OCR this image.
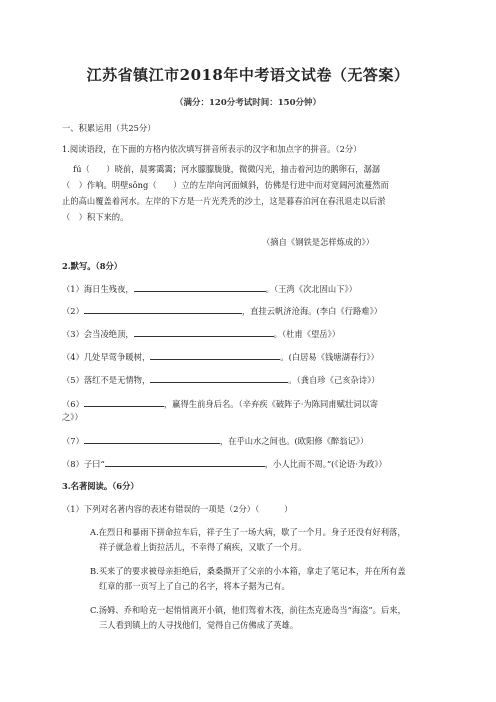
江苏省镇江市2018年中考语文试卷（无答案）
（满分：120分考试时间：150分钟）
一、积累运用（共25分）
1.阅读语段，在下面的方格内依次填写拼音所表示的汉字和加点字的拼音。（2分）
fú（　　）晓前，晨雾霭霭；河水朦朦胧胧，微微闪光，抽击着河边的鹅卵石，潺潺
（　）作响。明壁sōng（　　）立的左岸向河面倾斜，仿佛是行进中而对宽阔河流蔓然而
止的高山覆盖着河水。左岸的下方是一片光秃秃的沙土，这是暮春泊河在春汛退走以后淤
（　）积下来的。
（摘自《钢铁是怎样炼成的》）
2.默写。（8分）
（1）海日生残夜，	。（王湾《次北固山下》）
（2）	，直挂云帆济沧海。(李白《行路难》）
（3）会当凌绝顶，	。（杜甫《望岳》）
（4）几处早莺争暖树，	。(白居易《钱塘湖春行》）
（5）落红不是无情物，	。（龚自珍《己亥杂诗》）
（6）	，赢得生前身后名。（辛弃疾《破阵子·为陈同甫赋壮词以寄
之》）
（7）	，在乎山水之间也。(欧阳修《醉翁记》）
（8）子曰“	，小人比而不周。”(《论语·为政》）
3.名著阅读。（6分）
（1）下列对名著内容的表述有错误的一项是（2分）（　　　）
A.在烈日和暴雨下拼命拉车后，祥子生了一场大病，歇了一个月。身子还没有好利落，
祥子就急着上街拉活儿，不幸得了痢疾，又歇了一个月。
B.买来了的要求被母亲拒绝后，桑桑撕开了父亲的小本箱，拿走了笔记本，并在所有盖
红章的那一页写上了自己的名字，将本子据为己有。
C.汤姆、乔和哈克一起悄悄离开小镇，他们驾着木筏，前往杰克逊岛当“海盗”。后来，
三人看到镇上的人寻找他们，觉得自己仿佛成了英雄。
